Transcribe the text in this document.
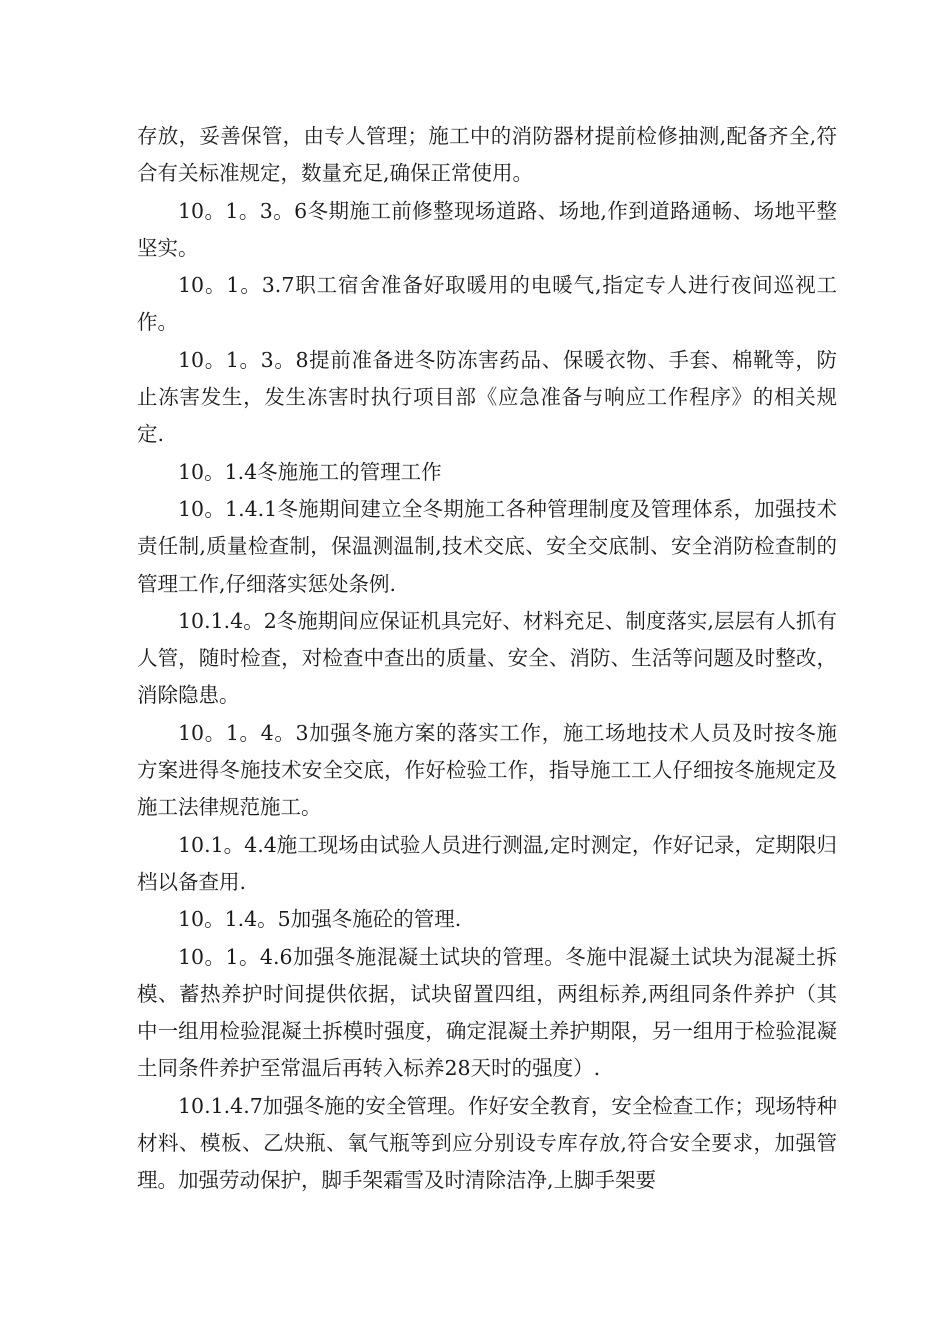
存放，妥善保管，由专人管理；施工中的消防器材提前检修抽测,配备齐全,符合有关标准规定，数量充足,确保正常使用。

10。1。3。6冬期施工前修整现场道路、场地,作到道路通畅、场地平整坚实。

10。1。3.7职工宿舍准备好取暖用的电暖气,指定专人进行夜间巡视工作。

10。1。3。8提前准备进冬防冻害药品、保暖衣物、手套、棉靴等，防止冻害发生，发生冻害时执行项目部《应急准备与响应工作程序》的相关规定.

10。1.4冬施施工的管理工作

10。1.4.1冬施期间建立全冬期施工各种管理制度及管理体系，加强技术责任制,质量检查制，保温测温制,技术交底、安全交底制、安全消防检查制的管理工作,仔细落实惩处条例.

10.1.4。2冬施期间应保证机具完好、材料充足、制度落实,层层有人抓有人管，随时检查，对检查中查出的质量、安全、消防、生活等问题及时整改，消除隐患。

10。1。4。3加强冬施方案的落实工作，施工场地技术人员及时按冬施方案进得冬施技术安全交底，作好检验工作，指导施工工人仔细按冬施规定及施工法律规范施工。

10.1。4.4施工现场由试验人员进行测温,定时测定，作好记录，定期限归档以备查用.

10。1.4。5加强冬施砼的管理.

10。1。4.6加强冬施混凝土试块的管理。冬施中混凝土试块为混凝土拆模、蓄热养护时间提供依据，试块留置四组，两组标养,两组同条件养护（其中一组用检验混凝土拆模时强度，确定混凝土养护期限，另一组用于检验混凝土同条件养护至常温后再转入标养28天时的强度）.

10.1.4.7加强冬施的安全管理。作好安全教育，安全检查工作；现场特种材料、模板、乙炔瓶、氧气瓶等到应分别设专库存放,符合安全要求，加强管理。加强劳动保护，脚手架霜雪及时清除洁净,上脚手架要
